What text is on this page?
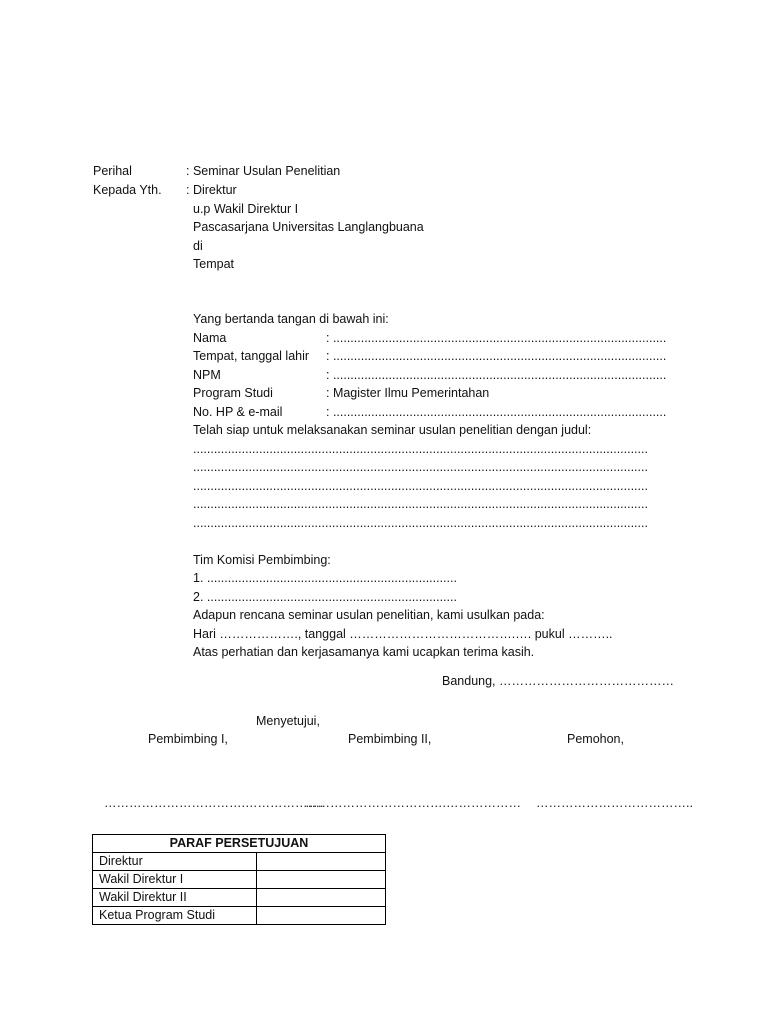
Perihal	: Seminar Usulan Penelitian
Kepada Yth. : Direktur
u.p Wakil Direktur I
Pascasarjana Universitas Langlangbuana
di
Tempat
Yang bertanda tangan di bawah ini:
Nama	: ................................................................................................
Tempat, tanggal lahir : ................................................................................................
NPM	: ................................................................................................
Program Studi	: Magister Ilmu Pemerintahan
No. HP & e-mail	: ................................................................................................
Telah siap untuk melaksanakan seminar usulan penelitian dengan judul:
...................................................................................................................................
...................................................................................................................................
...................................................................................................................................
...................................................................................................................................
...................................................................................................................................
Tim Komisi Pembimbing:
1. ........................................................................
2. ........................................................................
Adapun rencana seminar usulan penelitian, kami usulkan pada:
Hari ………………., tanggal ………………………………….…. pukul ………..
Atas perhatian dan kerjasamanya kami ucapkan terima kasih.
Bandung, ……………………………………
Menyetujui,
Pembimbing I,	Pembimbing II,	Pemohon,
…………………………….……………….
…………………………….……………… ………………………………..
PARAF PERSETUJUAN	
Direktur	
Wakil Direktur I	
Wakil Direktur II	
Ketua Program Studi	
